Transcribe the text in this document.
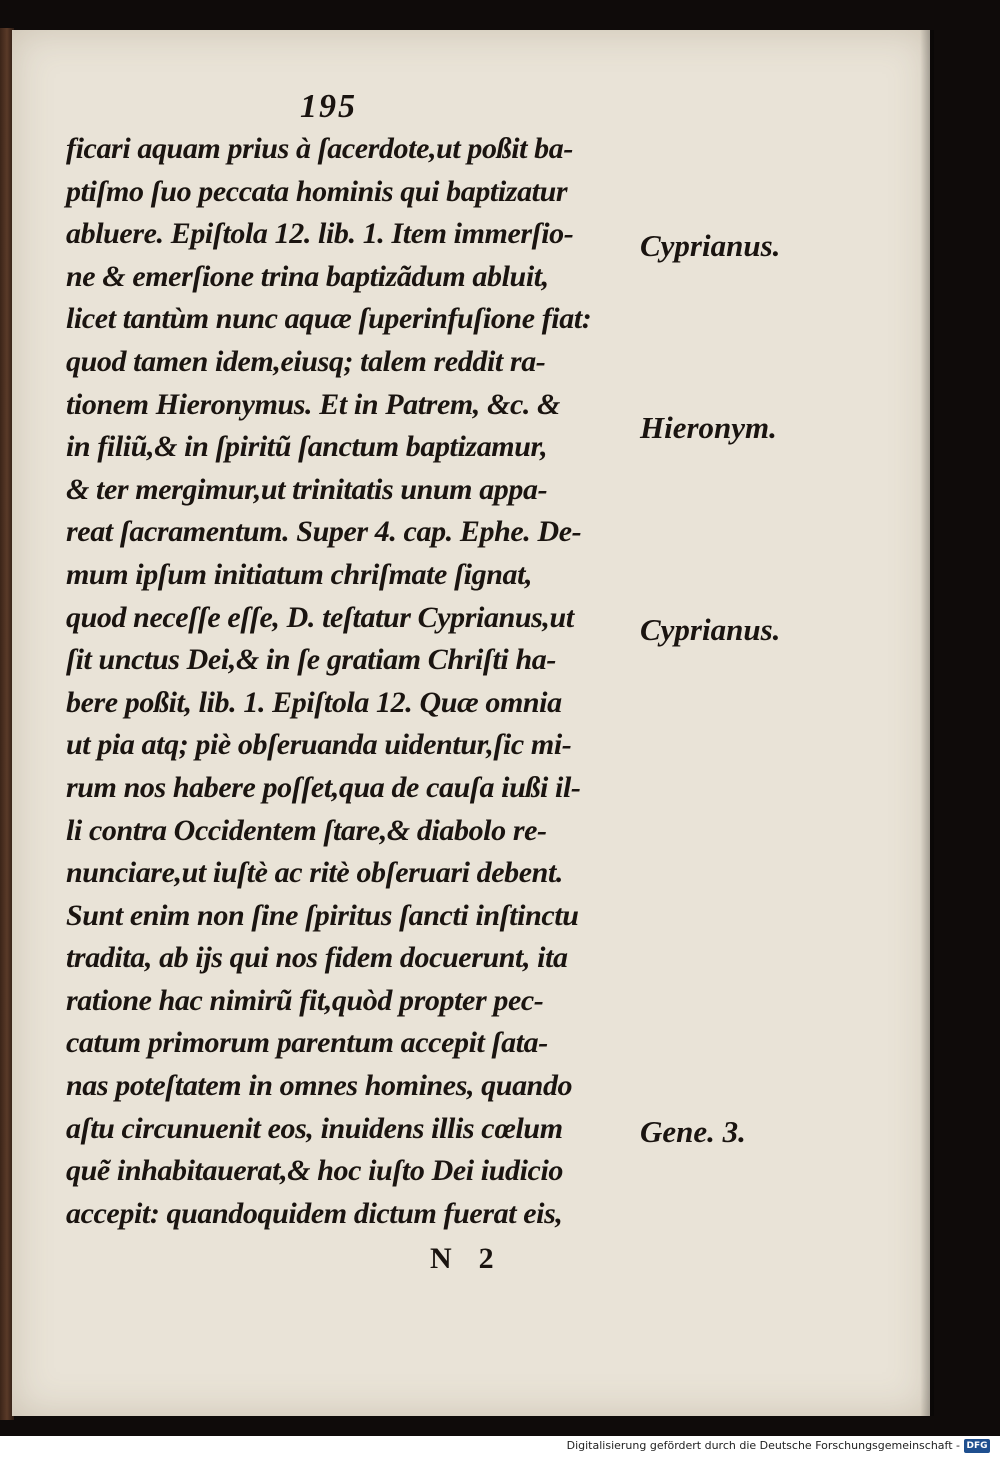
195
ficari aquam prius à ſacerdote,ut poßit ba-
ptiſmo ſuo peccata hominis qui baptizatur
abluere. Epiſtola 12. lib. 1. Item immerſio-
ne & emerſione trina baptizãdum abluit,
licet tantùm nunc aquæ ſuperinfuſione fiat:
quod tamen idem,eiusq; talem reddit ra-
tionem Hieronymus. Et in Patrem, &c. &
in filiũ,& in ſpiritũ ſanctum baptizamur,
& ter mergimur,ut trinitatis unum appa-
reat ſacramentum. Super 4. cap. Ephe. De-
mum ipſum initiatum chriſmate ſignat,
quod neceſſe eſſe, D. teſtatur Cyprianus,ut
ſit unctus Dei,& in ſe gratiam Chriſti ha-
bere poßit, lib. 1. Epiſtola 12. Quæ omnia
ut pia atq; piè obſeruanda uidentur,ſic mi-
rum nos habere poſſet,qua de cauſa iußi il-
li contra Occidentem ſtare,& diabolo re-
nunciare,ut iuſtè ac ritè obſeruari debent.
Sunt enim non ſine ſpiritus ſancti inſtinctu
tradita, ab ijs qui nos fidem docuerunt, ita
ratione hac nimirũ fit,quòd propter pec-
catum primorum parentum accepit ſata-
nas poteſtatem in omnes homines, quando
aſtu circunuenit eos, inuidens illis cœlum
quẽ inhabitauerat,& hoc iuſto Dei iudicio
accepit: quandoquidem dictum fuerat eis,
Cyprianus.
Hieronym.
Cyprianus.
Gene. 3.
N  2
Digitalisierung gefördert durch die Deutsche Forschungsgemeinschaft - DFG
